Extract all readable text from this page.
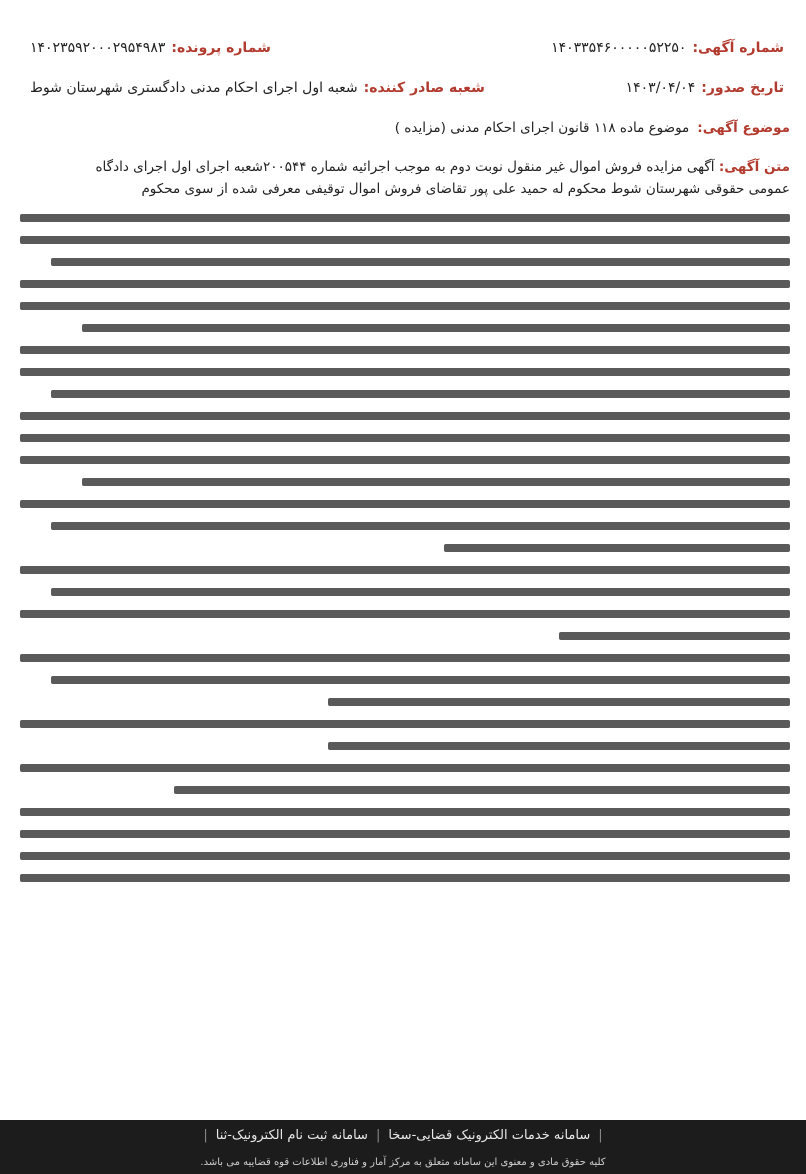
شماره آگهی:
۱۴۰۳۳۵۴۶۰۰۰۰۰۵۲۲۵۰
شماره پرونده:
۱۴۰۲۳۵۹۲۰۰۰۲۹۵۴۹۸۳
تاریخ صدور:
۱۴۰۳/۰۴/۰۴
شعبه صادر کننده:
شعبه اول اجرای احکام مدنی دادگستری شهرستان شوط
موضوع آگهی:
موضوع ماده ۱۱۸ قانون اجرای احکام مدنی (مزایده )
متن آگهی: آگهی مزایده فروش اموال غیر منقول نوبت دوم به موجب اجرائیه شماره ۲۰۰۵۴۴شعبه اجرای اول اجرای دادگاه
عمومی حقوقی شهرستان شوط محکوم له حمید علی پور تقاضای فروش اموال توقیفی معرفی شده از سوی محکوم
|
سامانه خدمات الکترونیک قضایی-سخا
|
سامانه ثبت نام الکترونیک-ثنا
|
کلیه حقوق مادی و معنوی این سامانه متعلق به مرکز آمار و فناوری اطلاعات قوه قضاییه می باشد.
